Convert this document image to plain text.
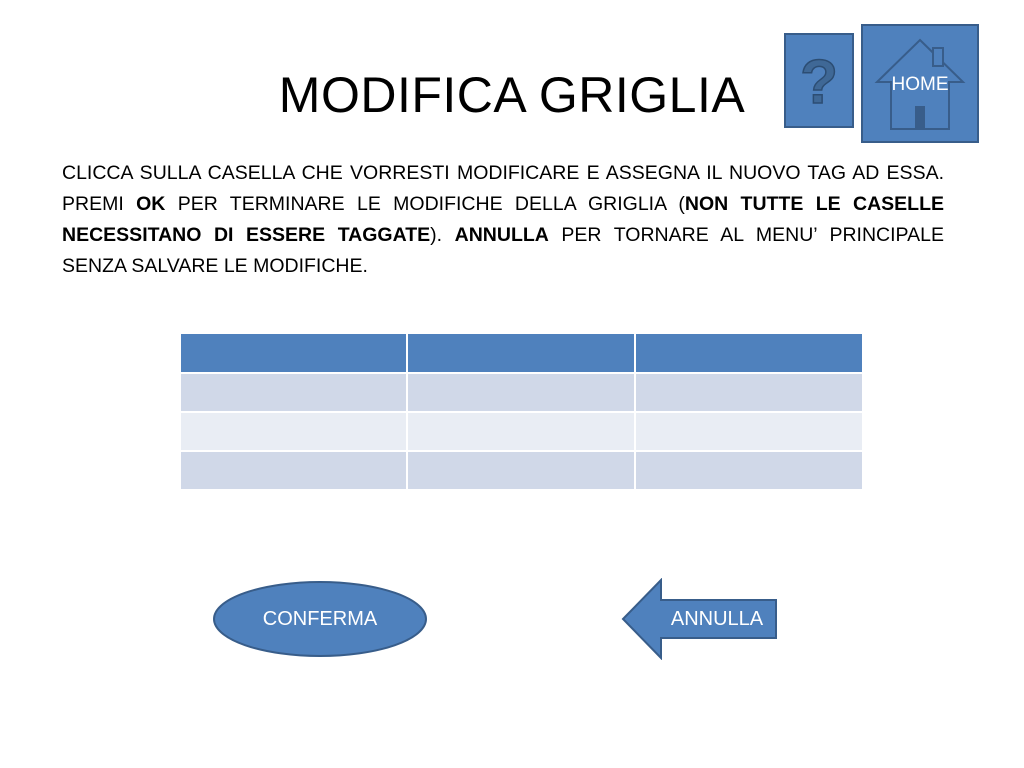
MODIFICA GRIGLIA ?	HOME

CLICCA SULLA CASELLA CHE VORRESTI MODIFICARE E ASSEGNA IL NUOVO TAG AD ESSA. PREMI OK PER TERMINARE LE MODIFICHE DELLA GRIGLIA (NON TUTTE LE CASELLE NECESSITANO DI ESSERE TAGGATE). ANNULLA PER TORNARE AL MENU’ PRINCIPALE SENZA SALVARE LE MODIFICHE.

CONFERMA	ANNULLA
